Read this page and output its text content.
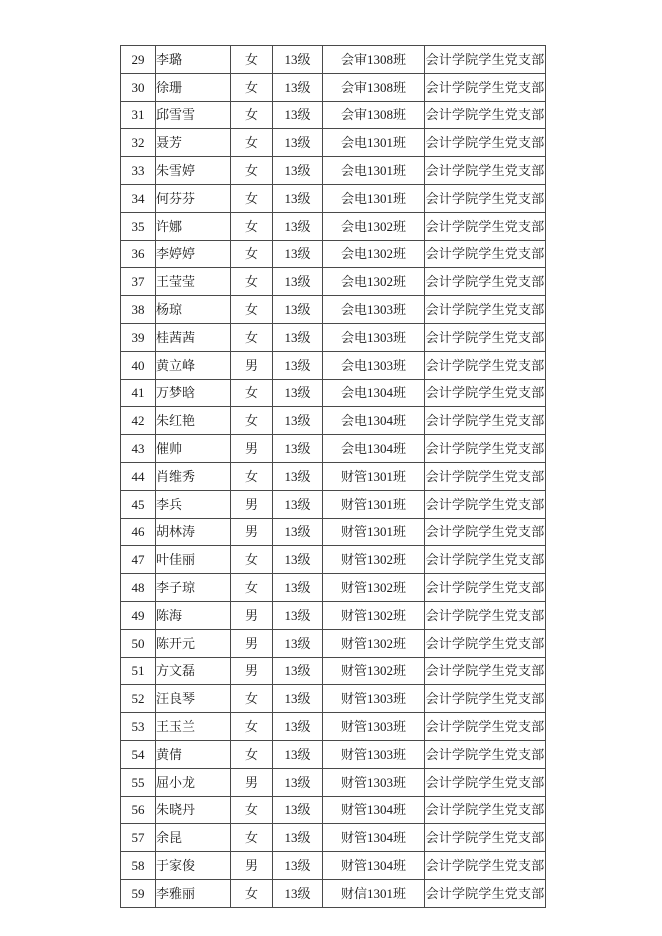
29	李璐	女	13级	会审1308班	会计学院学生党支部
30	徐珊	女	13级	会审1308班	会计学院学生党支部
31	邱雪雪	女	13级	会审1308班	会计学院学生党支部
32	聂芳	女	13级	会电1301班	会计学院学生党支部
33	朱雪婷	女	13级	会电1301班	会计学院学生党支部
34	何芬芬	女	13级	会电1301班	会计学院学生党支部
35	许娜	女	13级	会电1302班	会计学院学生党支部
36	李婷婷	女	13级	会电1302班	会计学院学生党支部
37	王莹莹	女	13级	会电1302班	会计学院学生党支部
38	杨琼	女	13级	会电1303班	会计学院学生党支部
39	桂茜茜	女	13级	会电1303班	会计学院学生党支部
40	黄立峰	男	13级	会电1303班	会计学院学生党支部
41	万梦晗	女	13级	会电1304班	会计学院学生党支部
42	朱红艳	女	13级	会电1304班	会计学院学生党支部
43	催帅	男	13级	会电1304班	会计学院学生党支部
44	肖维秀	女	13级	财管1301班	会计学院学生党支部
45	李兵	男	13级	财管1301班	会计学院学生党支部
46	胡林涛	男	13级	财管1301班	会计学院学生党支部
47	叶佳丽	女	13级	财管1302班	会计学院学生党支部
48	李子琼	女	13级	财管1302班	会计学院学生党支部
49	陈海	男	13级	财管1302班	会计学院学生党支部
50	陈开元	男	13级	财管1302班	会计学院学生党支部
51	方文磊	男	13级	财管1302班	会计学院学生党支部
52	汪良琴	女	13级	财管1303班	会计学院学生党支部
53	王玉兰	女	13级	财管1303班	会计学院学生党支部
54	黄倩	女	13级	财管1303班	会计学院学生党支部
55	屈小龙	男	13级	财管1303班	会计学院学生党支部
56	朱晓丹	女	13级	财管1304班	会计学院学生党支部
57	余昆	女	13级	财管1304班	会计学院学生党支部
58	于家俊	男	13级	财管1304班	会计学院学生党支部
59	李雅丽	女	13级	财信1301班	会计学院学生党支部
